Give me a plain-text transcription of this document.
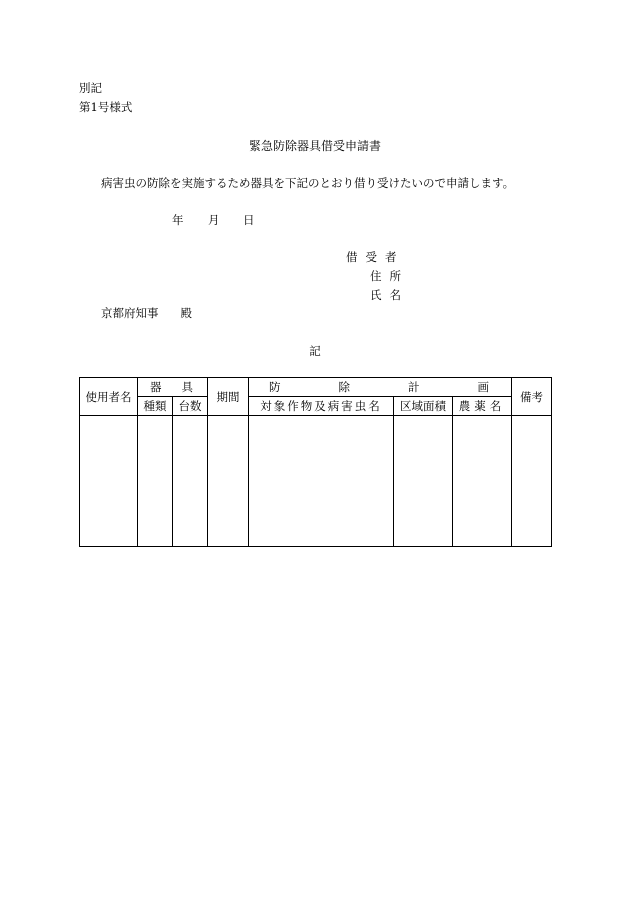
別記
第1号様式
緊急防除器具借受申請書
病害虫の防除を実施するため器具を下記のとおり借り受けたいので申請します。
年 月 日
借受者
住所
氏名
京都府知事 殿
記
使用者名	器 具		期間	防 除 計 画			備考
	種類	台数		対象作物及病害虫名	区域面積	農薬名	
